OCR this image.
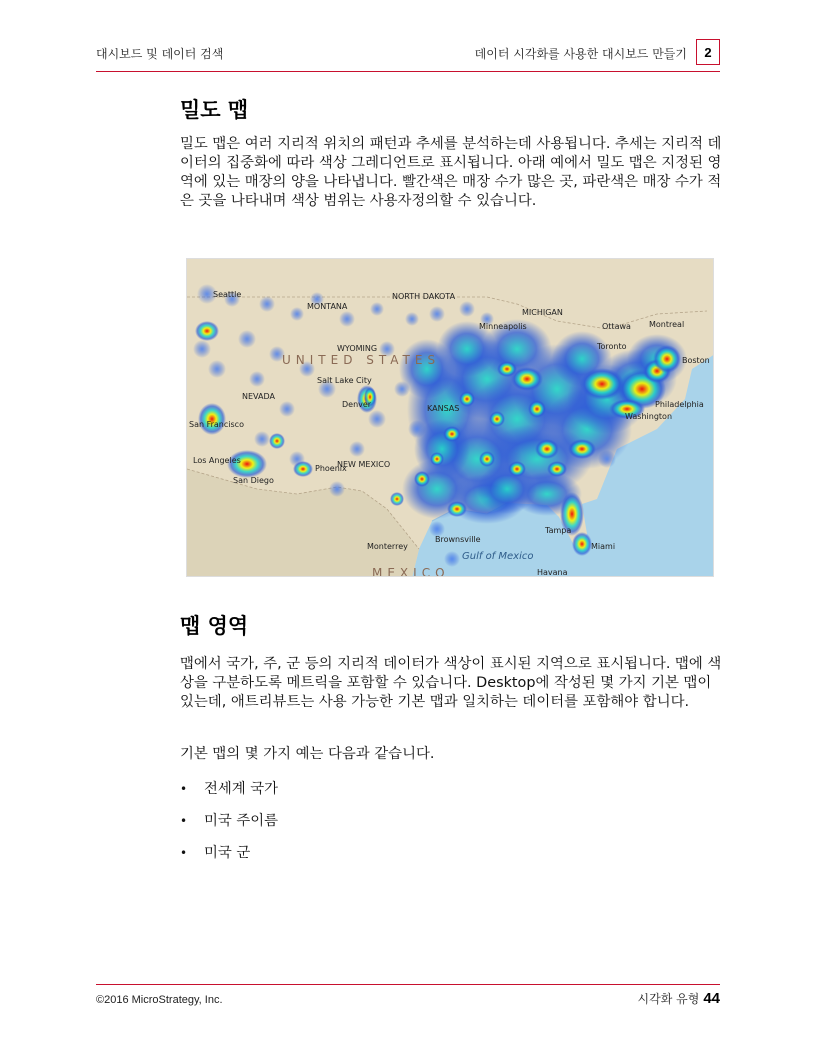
대시보드 및 데이터 검색	데이터 시각화를 사용한 대시보드 만들기	2
밀도 맵

밀도 맵은 여러 지리적 위치의 패턴과 추세를 분석하는데 사용됩니다. 추세는 지리적 데이터의 집중화에 따라 색상 그레디언트로 표시됩니다. 아래 예에서 밀도 맵은 지정된 영역에 있는 매장의 양을 나타냅니다. 빨간색은 매장 수가 많은 곳, 파란색은 매장 수가 적은 곳을 나타내며 색상 범위는 사용자정의할 수 있습니다.

Seattle
MONTANA
NORTH DAKOTA
Minneapolis
MICHIGAN
Ottawa Montreal
Toronto
Boston
WYOMING
UNITED STATES
Salt Lake City
NEVADA
Denver	KANSAS	Philadelphia
Washington
San Francisco
Los Angeles
San Diego
Phoenix
NEW MEXICO
Monterrey
Brownsville
Gulf of Mexico
Tampa
Miami
Havana
MEXICO
맵 영역

맵에서 국가, 주, 군 등의 지리적 데이터가 색상이 표시된 지역으로 표시됩니다. 맵에 색상을 구분하도록 메트릭을 포함할 수 있습니다. Desktop에 작성된 몇 가지 기본 맵이 있는데, 애트리뷰트는 사용 가능한 기본 맵과 일치하는 데이터를 포함해야 합니다.

기본 맵의 몇 가지 예는 다음과 같습니다.

• 전세계 국가
• 미국 주이름
• 미국 군
©2016 MicroStrategy, Inc.	시각화 유형 44
